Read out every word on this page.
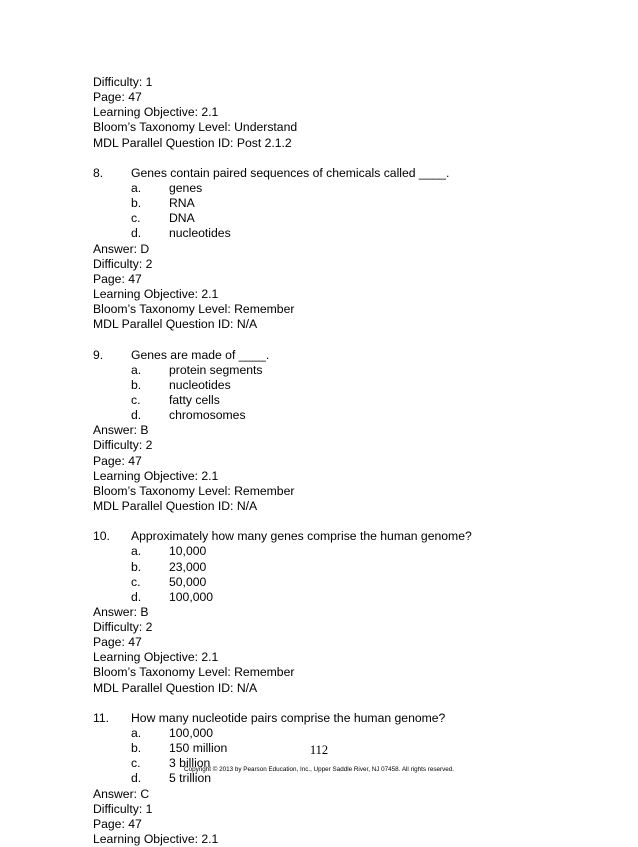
Difficulty: 1
Page: 47
Learning Objective: 2.1
Bloom’s Taxonomy Level: Understand
MDL Parallel Question ID: Post 2.1.2
8. Genes contain paired sequences of chemicals called ____.
a. genes
b. RNA
c. DNA
d. nucleotides
Answer: D
Difficulty: 2
Page: 47
Learning Objective: 2.1
Bloom’s Taxonomy Level: Remember
MDL Parallel Question ID: N/A
9. Genes are made of ____.
a. protein segments
b. nucleotides
c. fatty cells
d. chromosomes
Answer: B
Difficulty: 2
Page: 47
Learning Objective: 2.1
Bloom’s Taxonomy Level: Remember
MDL Parallel Question ID: N/A
10. Approximately how many genes comprise the human genome?
a. 10,000
b. 23,000
c. 50,000
d. 100,000
Answer: B
Difficulty: 2
Page: 47
Learning Objective: 2.1
Bloom’s Taxonomy Level: Remember
MDL Parallel Question ID: N/A
11. How many nucleotide pairs comprise the human genome?
a. 100,000
b. 150 million
c. 3 billion
d. 5 trillion
Answer: C
Difficulty: 1
Page: 47
Learning Objective: 2.1
112
Copyright © 2013 by Pearson Education, Inc., Upper Saddle River, NJ 07458. All rights reserved.
